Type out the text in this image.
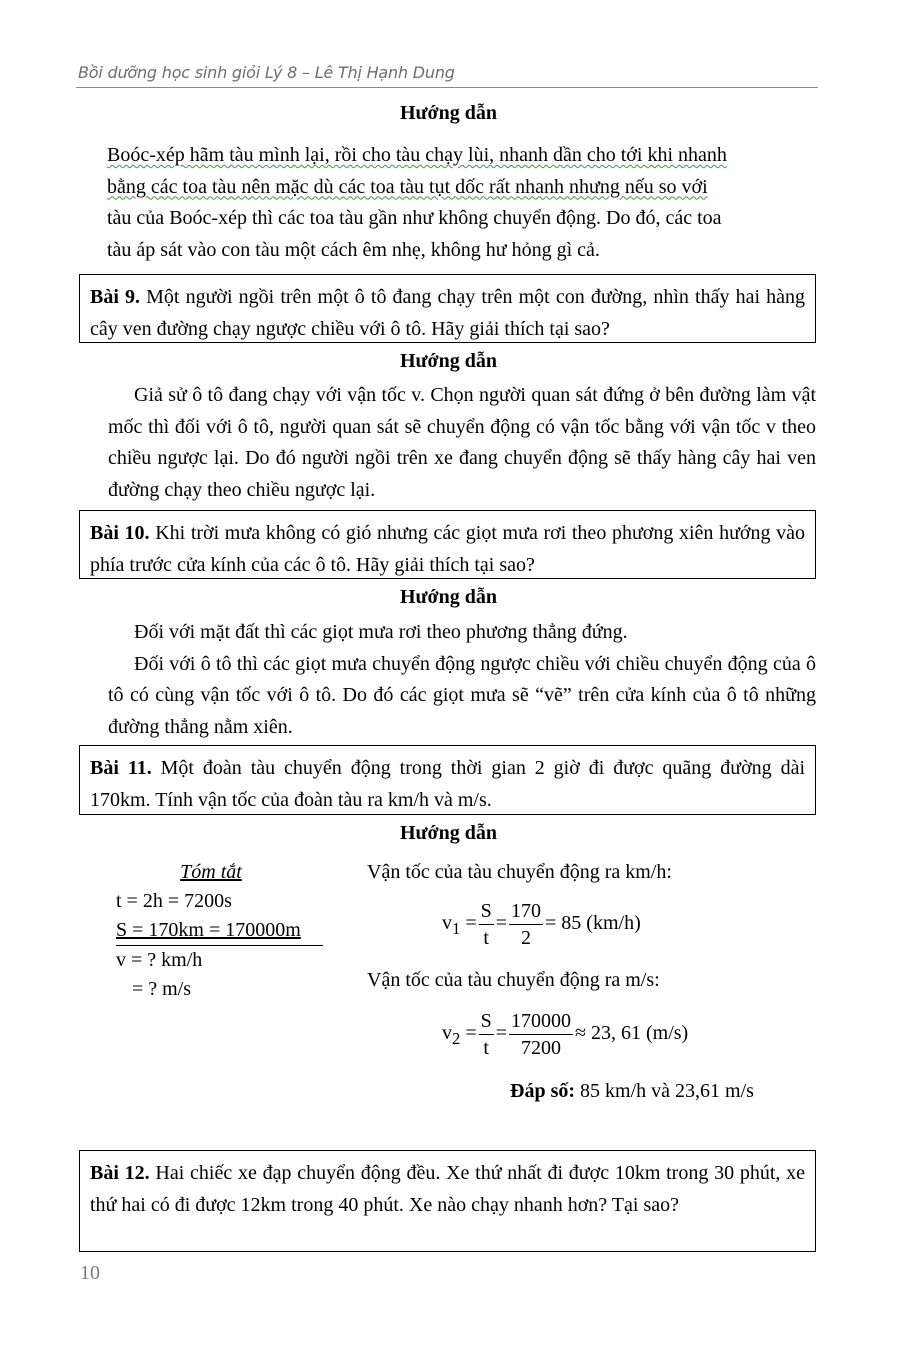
Bồi dưỡng học sinh giỏi Lý 8 – Lê Thị Hạnh Dung
Hướng dẫn
Boóc-xép hãm tàu mình lại, rồi cho tàu chạy lùi, nhanh dần cho tới khi nhanh
bằng các toa tàu nên mặc dù các toa tàu tụt dốc rất nhanh nhưng nếu so với
tàu của Boóc-xép thì các toa tàu gần như không chuyển động. Do đó, các toa
tàu áp sát vào con tàu một cách êm nhẹ, không hư hỏng gì cả.
Bài 9. Một người ngồi trên một ô tô đang chạy trên một con đường, nhìn thấy hai hàng cây ven đường chạy ngược chiều với ô tô. Hãy giải thích tại sao?
Hướng dẫn
Giả sử ô tô đang chạy với vận tốc v. Chọn người quan sát đứng ở bên đường làm vật mốc thì đối với ô tô, người quan sát sẽ chuyển động có vận tốc bằng với vận tốc v theo chiều ngược lại. Do đó người ngồi trên xe đang chuyển động sẽ thấy hàng cây hai ven đường chạy theo chiều ngược lại.
Bài 10. Khi trời mưa không có gió nhưng các giọt mưa rơi theo phương xiên hướng vào phía trước cửa kính của các ô tô. Hãy giải thích tại sao?
Hướng dẫn

Đối với mặt đất thì các giọt mưa rơi theo phương thẳng đứng.

Đối với ô tô thì các giọt mưa chuyển động ngược chiều với chiều chuyển động của ô tô có cùng vận tốc với ô tô. Do đó các giọt mưa sẽ “vẽ” trên cửa kính của ô tô những đường thẳng nằm xiên.

Bài 11. Một đoàn tàu chuyển động trong thời gian 2 giờ đi được quãng đường dài 170km. Tính vận tốc của đoàn tàu ra km/h và m/s.
Hướng dẫn
Tóm tắt
t = 2h = 7200s
S = 170km = 170000m
v = ? km/h
= ? m/s
Vận tốc của tàu chuyển động ra km/h:
$v_1 = \frac{S}{t} = \frac{170}{2} = 85$ (km/h)
Vận tốc của tàu chuyển động ra m/s:
$v_2 = \frac{S}{t} = \frac{170000}{7200} \approx 23$, 61 (m/s)
Đáp số: 85 km/h và 23,61 m/s
Bài 12. Hai chiếc xe đạp chuyển động đều. Xe thứ nhất đi được 10km trong 30 phút, xe thứ hai có đi được 12km trong 40 phút. Xe nào chạy nhanh hơn? Tại sao?
10
